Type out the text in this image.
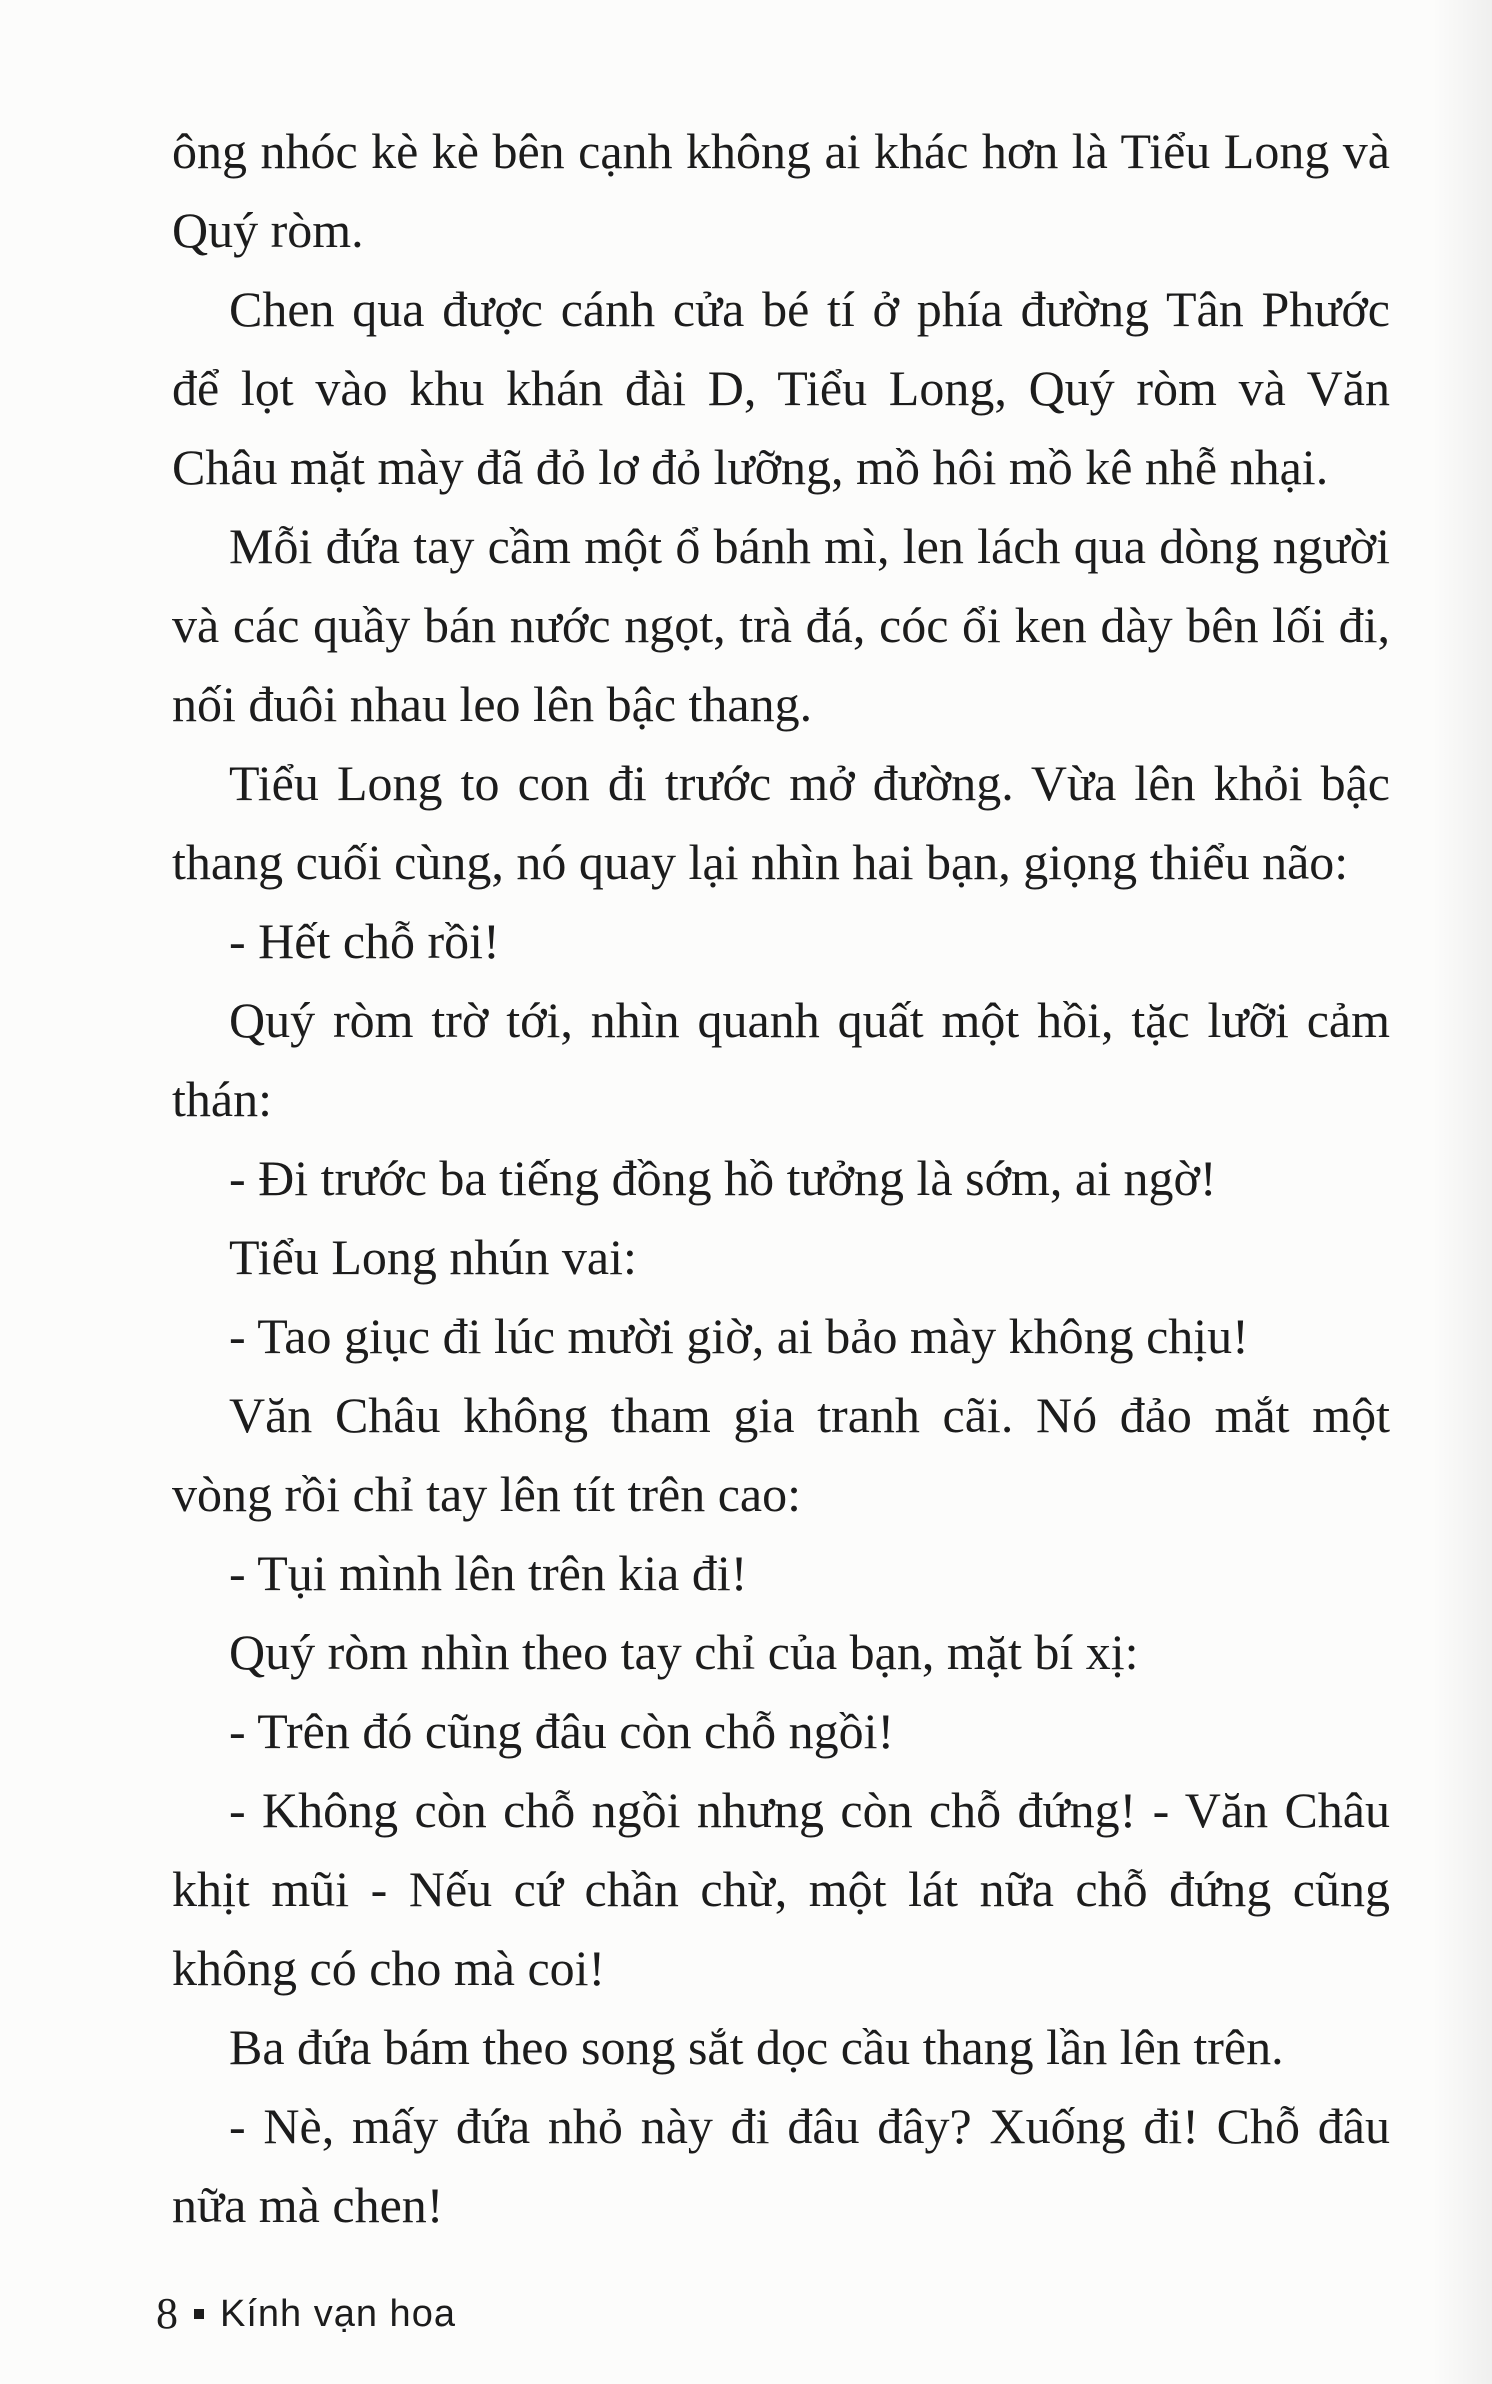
ông nhóc kè kè bên cạnh không ai khác hơn là Tiểu Long và Quý ròm.

Chen qua được cánh cửa bé tí ở phía đường Tân Phước để lọt vào khu khán đài D, Tiểu Long, Quý ròm và Văn Châu mặt mày đã đỏ lơ đỏ lưỡng, mồ hôi mồ kê nhễ nhại.

Mỗi đứa tay cầm một ổ bánh mì, len lách qua dòng người và các quầy bán nước ngọt, trà đá, cóc ổi ken dày bên lối đi, nối đuôi nhau leo lên bậc thang.

Tiểu Long to con đi trước mở đường. Vừa lên khỏi bậc thang cuối cùng, nó quay lại nhìn hai bạn, giọng thiểu não:

- Hết chỗ rồi!

Quý ròm trờ tới, nhìn quanh quất một hồi, tặc lưỡi cảm thán:

- Đi trước ba tiếng đồng hồ tưởng là sớm, ai ngờ!

Tiểu Long nhún vai:

- Tao giục đi lúc mười giờ, ai bảo mày không chịu!

Văn Châu không tham gia tranh cãi. Nó đảo mắt một vòng rồi chỉ tay lên tít trên cao:

- Tụi mình lên trên kia đi!

Quý ròm nhìn theo tay chỉ của bạn, mặt bí xị:

- Trên đó cũng đâu còn chỗ ngồi!

- Không còn chỗ ngồi nhưng còn chỗ đứng! - Văn Châu khịt mũi - Nếu cứ chần chừ, một lát nữa chỗ đứng cũng không có cho mà coi!

Ba đứa bám theo song sắt dọc cầu thang lần lên trên.

- Nè, mấy đứa nhỏ này đi đâu đây? Xuống đi! Chỗ đâu nữa mà chen!

8 Kính vạn hoa
